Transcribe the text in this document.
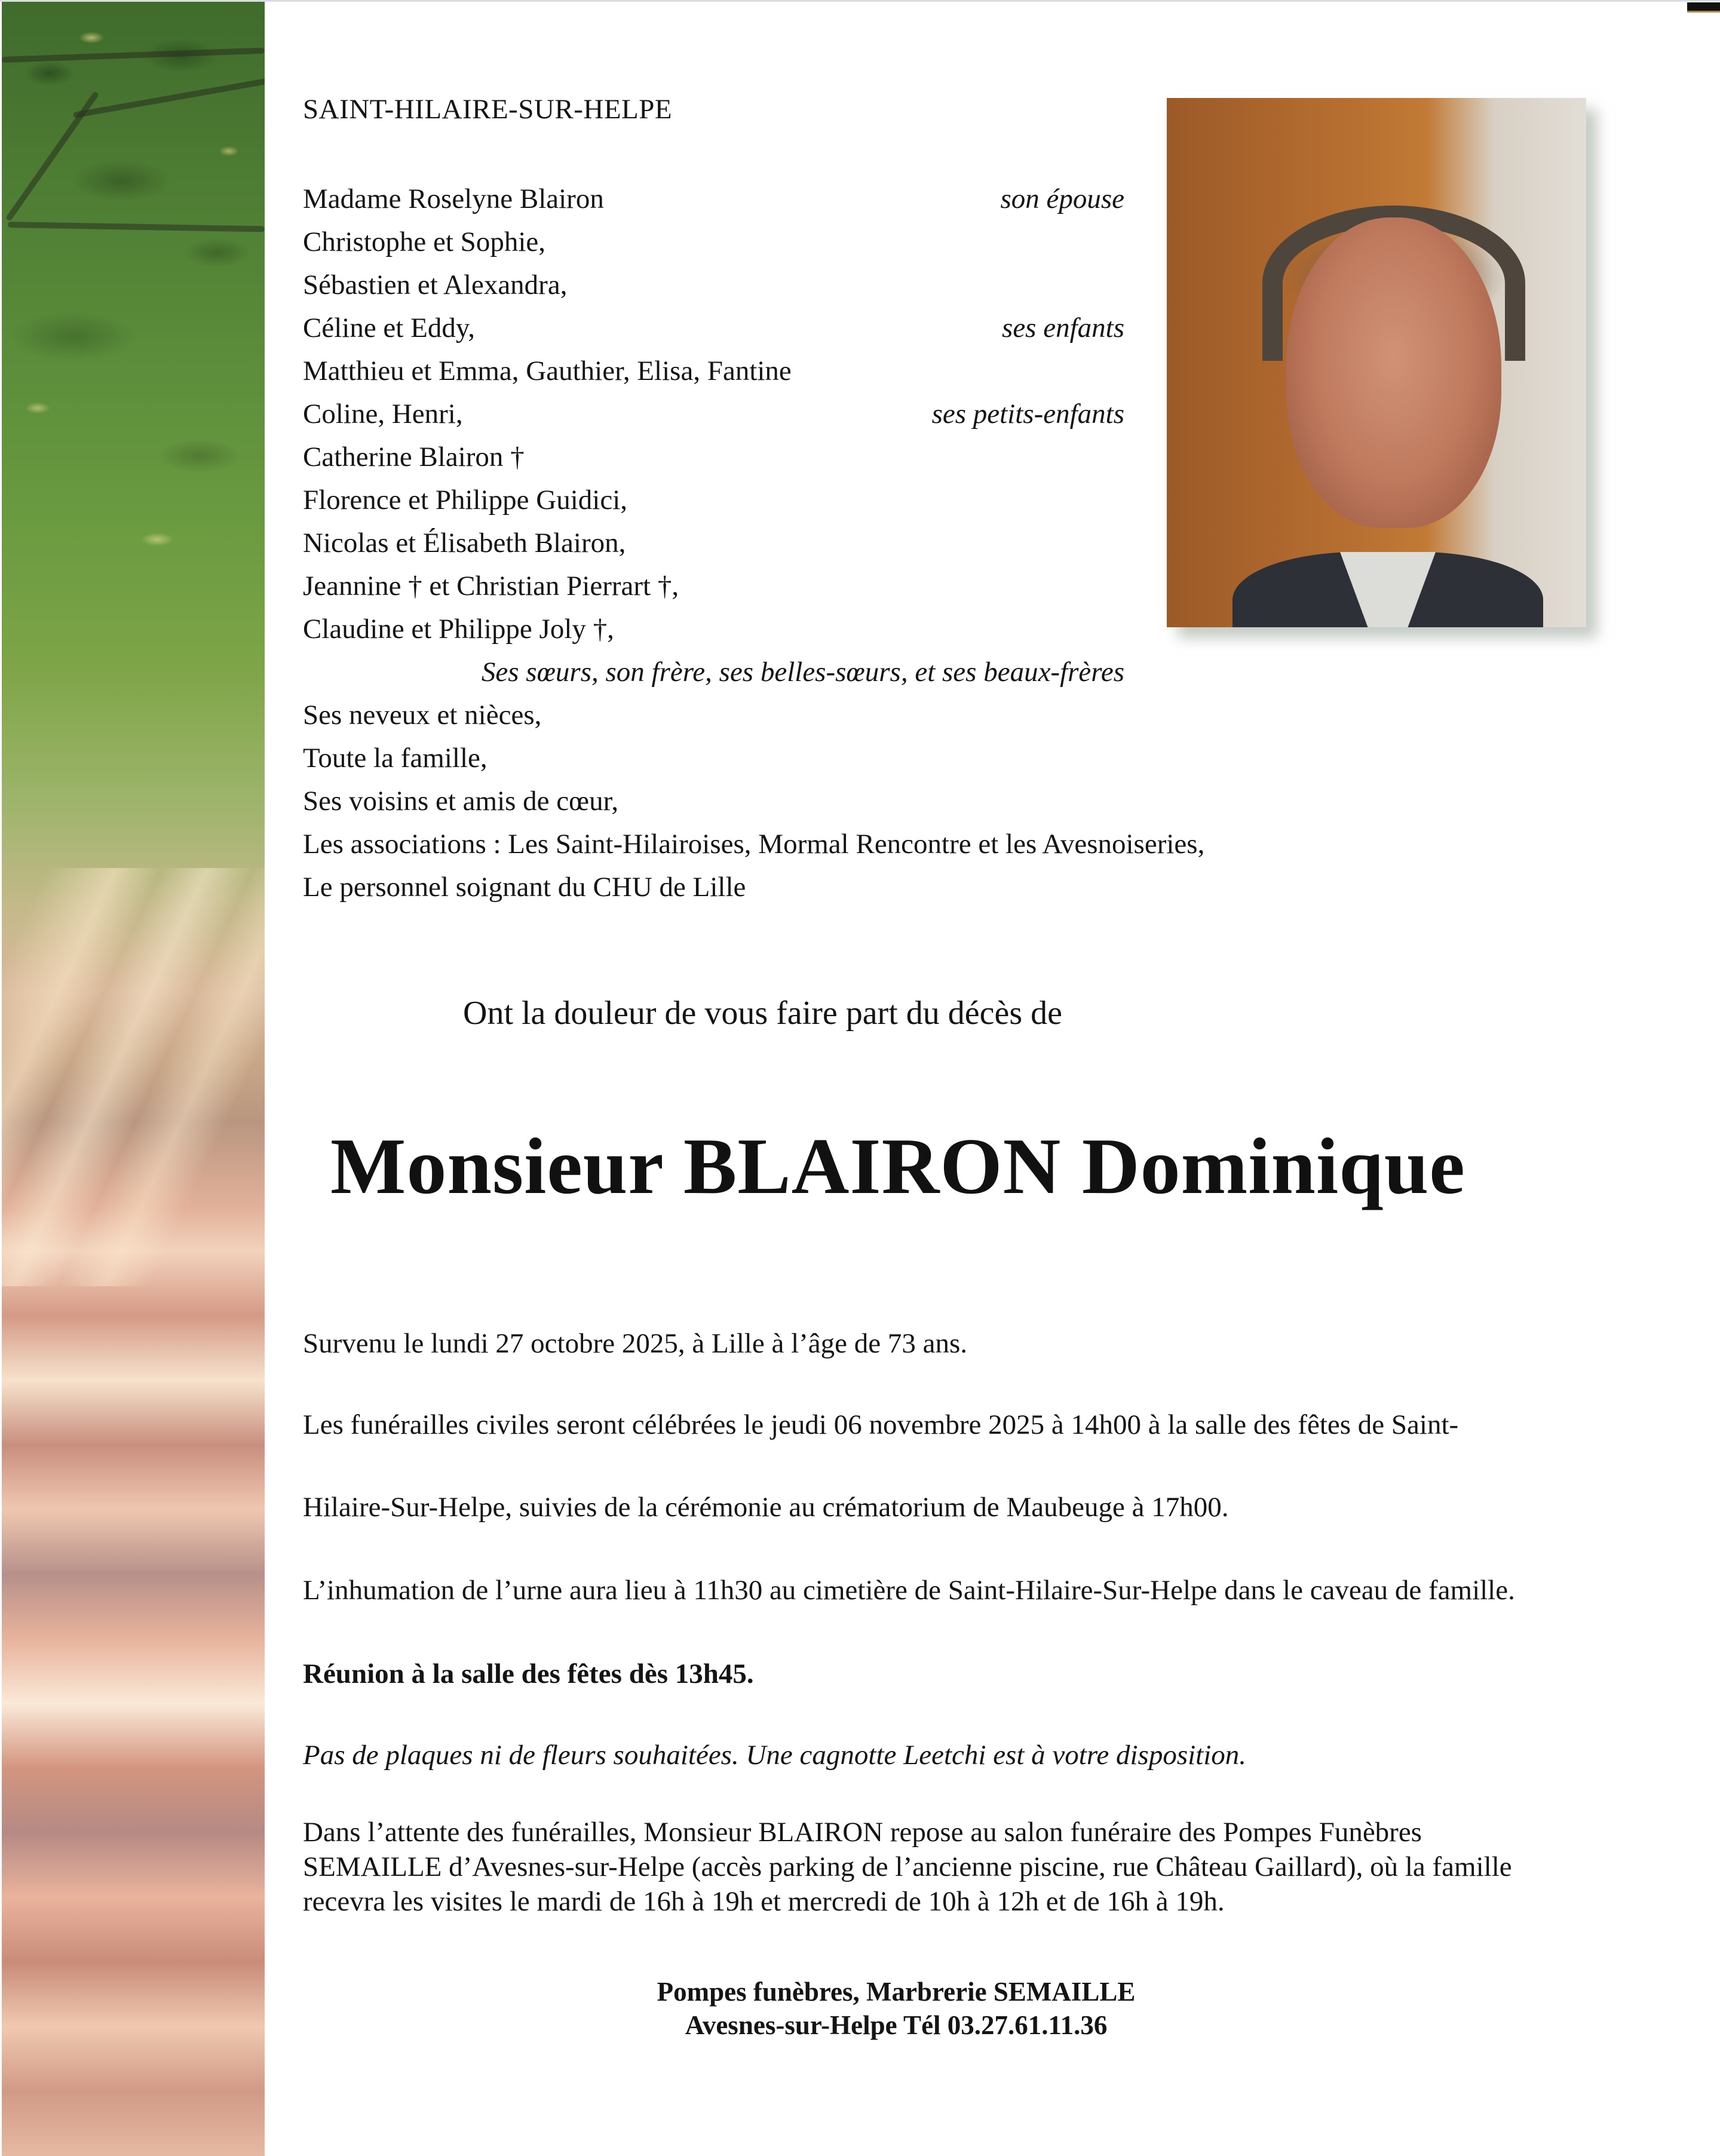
SAINT-HILAIRE-SUR-HELPE
Madame Roselyne Blairon	son épouse
Christophe et Sophie,
Sébastien et Alexandra,
Céline et Eddy,	ses enfants
Matthieu et Emma, Gauthier, Elisa, Fantine
Coline, Henri,	ses petits-enfants
Catherine Blairon †
Florence et Philippe Guidici,
Nicolas et Élisabeth Blairon,
Jeannine † et Christian Pierrart †,
Claudine et Philippe Joly †,
Ses sœurs, son frère, ses belles-sœurs, et ses beaux-frères
Ses neveux et nièces,
Toute la famille,
Ses voisins et amis de cœur,
Les associations : Les Saint-Hilairoises, Mormal Rencontre et les Avesnoiseries,
Le personnel soignant du CHU de Lille
Ont la douleur de vous faire part du décès de
Monsieur BLAIRON Dominique
Survenu le lundi 27 octobre 2025, à Lille à l’âge de 73 ans.
Les funérailles civiles seront célébrées le jeudi 06 novembre 2025 à 14h00 à la salle des fêtes de Saint-
Hilaire-Sur-Helpe, suivies de la cérémonie au crématorium de Maubeuge à 17h00.
L’inhumation de l’urne aura lieu à 11h30 au cimetière de Saint-Hilaire-Sur-Helpe dans le caveau de famille.
Réunion à la salle des fêtes dès 13h45.
Pas de plaques ni de fleurs souhaitées. Une cagnotte Leetchi est à votre disposition.
Dans l’attente des funérailles, Monsieur BLAIRON repose au salon funéraire des Pompes Funèbres
SEMAILLE d’Avesnes-sur-Helpe (accès parking de l’ancienne piscine, rue Château Gaillard), où la famille
recevra les visites le mardi de 16h à 19h et mercredi de 10h à 12h et de 16h à 19h.
Pompes funèbres, Marbrerie SEMAILLE
Avesnes-sur-Helpe Tél 03.27.61.11.36
